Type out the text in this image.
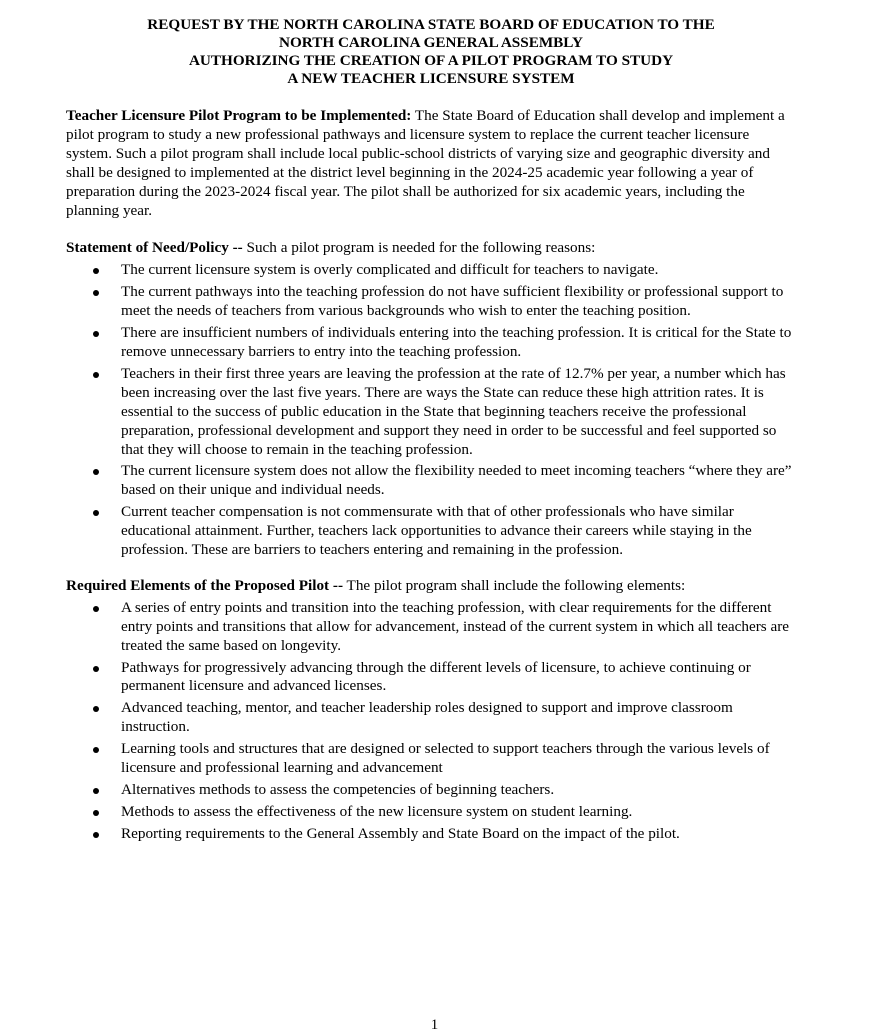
REQUEST BY THE NORTH CAROLINA STATE BOARD OF EDUCATION TO THE
NORTH CAROLINA GENERAL ASSEMBLY
AUTHORIZING THE CREATION OF A PILOT PROGRAM TO STUDY
A NEW TEACHER LICENSURE SYSTEM

Teacher Licensure Pilot Program to be Implemented: The State Board of Education shall develop and implement a pilot program to study a new professional pathways and licensure system to replace the current teacher licensure system. Such a pilot program shall include local public-school districts of varying size and geographic diversity and shall be designed to implemented at the district level beginning in the 2024-25 academic year following a year of preparation during the 2023-2024 fiscal year. The pilot shall be authorized for six academic years, including the planning year.

Statement of Need/Policy -- Such a pilot program is needed for the following reasons:

The current licensure system is overly complicated and difficult for teachers to navigate.
The current pathways into the teaching profession do not have sufficient flexibility or professional support to meet the needs of teachers from various backgrounds who wish to enter the teaching position.
There are insufficient numbers of individuals entering into the teaching profession. It is critical for the State to remove unnecessary barriers to entry into the teaching profession.
Teachers in their first three years are leaving the profession at the rate of 12.7% per year, a number which has been increasing over the last five years. There are ways the State can reduce these high attrition rates. It is essential to the success of public education in the State that beginning teachers receive the professional preparation, professional development and support they need in order to be successful and feel supported so that they will choose to remain in the teaching profession.
The current licensure system does not allow the flexibility needed to meet incoming teachers “where they are” based on their unique and individual needs.
Current teacher compensation is not commensurate with that of other professionals who have similar educational attainment. Further, teachers lack opportunities to advance their careers while staying in the profession. These are barriers to teachers entering and remaining in the profession.

Required Elements of the Proposed Pilot -- The pilot program shall include the following elements:

A series of entry points and transition into the teaching profession, with clear requirements for the different entry points and transitions that allow for advancement, instead of the current system in which all teachers are treated the same based on longevity.
Pathways for progressively advancing through the different levels of licensure, to achieve continuing or permanent licensure and advanced licenses.
Advanced teaching, mentor, and teacher leadership roles designed to support and improve classroom instruction.
Learning tools and structures that are designed or selected to support teachers through the various levels of licensure and professional learning and advancement
Alternatives methods to assess the competencies of beginning teachers.
Methods to assess the effectiveness of the new licensure system on student learning.
Reporting requirements to the General Assembly and State Board on the impact of the pilot.
1
